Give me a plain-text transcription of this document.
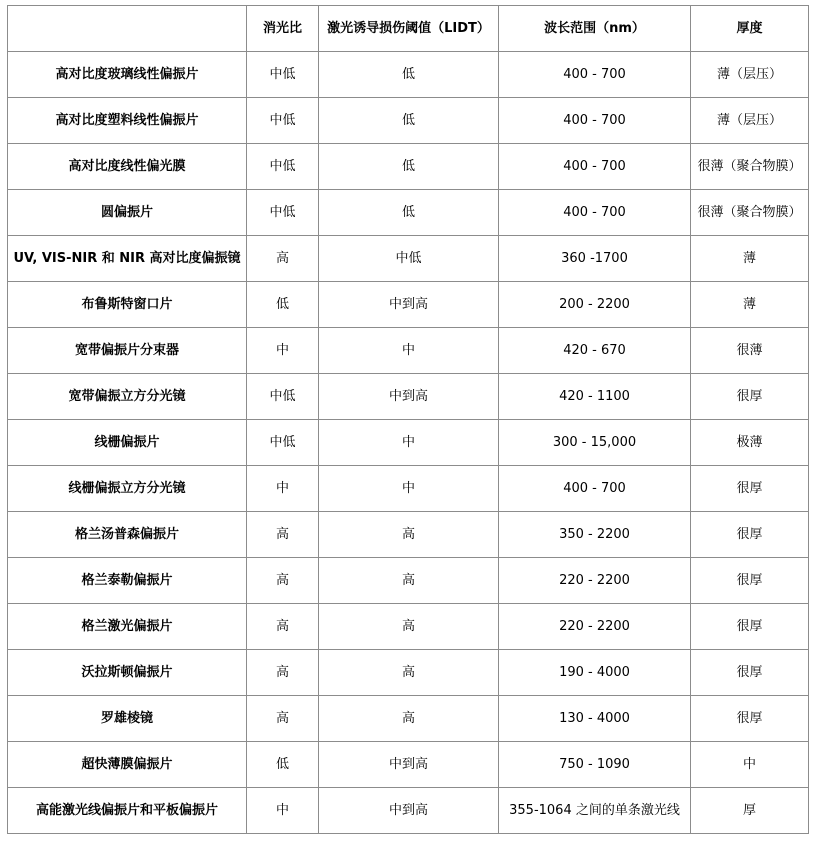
	消光比	激光诱导损伤阈值（LIDT）	波长范围（nm）	厚度
高对比度玻璃线性偏振片	中低	低	400 - 700	薄（层压）
高对比度塑料线性偏振片	中低	低	400 - 700	薄（层压）
高对比度线性偏光膜	中低	低	400 - 700	很薄（聚合物膜）
圆偏振片	中低	低	400 - 700	很薄（聚合物膜）
UV, VIS-NIR 和 NIR 高对比度偏振镜	高	中低	360 -1700	薄
布鲁斯特窗口片	低	中到高	200 - 2200	薄
宽带偏振片分束器	中	中	420 - 670	很薄
宽带偏振立方分光镜	中低	中到高	420 - 1100	很厚
线栅偏振片	中低	中	300 - 15,000	极薄
线栅偏振立方分光镜	中	中	400 - 700	很厚
格兰汤普森偏振片	高	高	350 - 2200	很厚
格兰泰勒偏振片	高	高	220 - 2200	很厚
格兰激光偏振片	高	高	220 - 2200	很厚
沃拉斯顿偏振片	高	高	190 - 4000	很厚
罗雄棱镜	高	高	130 - 4000	很厚
超快薄膜偏振片	低	中到高	750 - 1090	中
高能激光线偏振片和平板偏振片	中	中到高	355-1064 之间的单条激光线	厚
